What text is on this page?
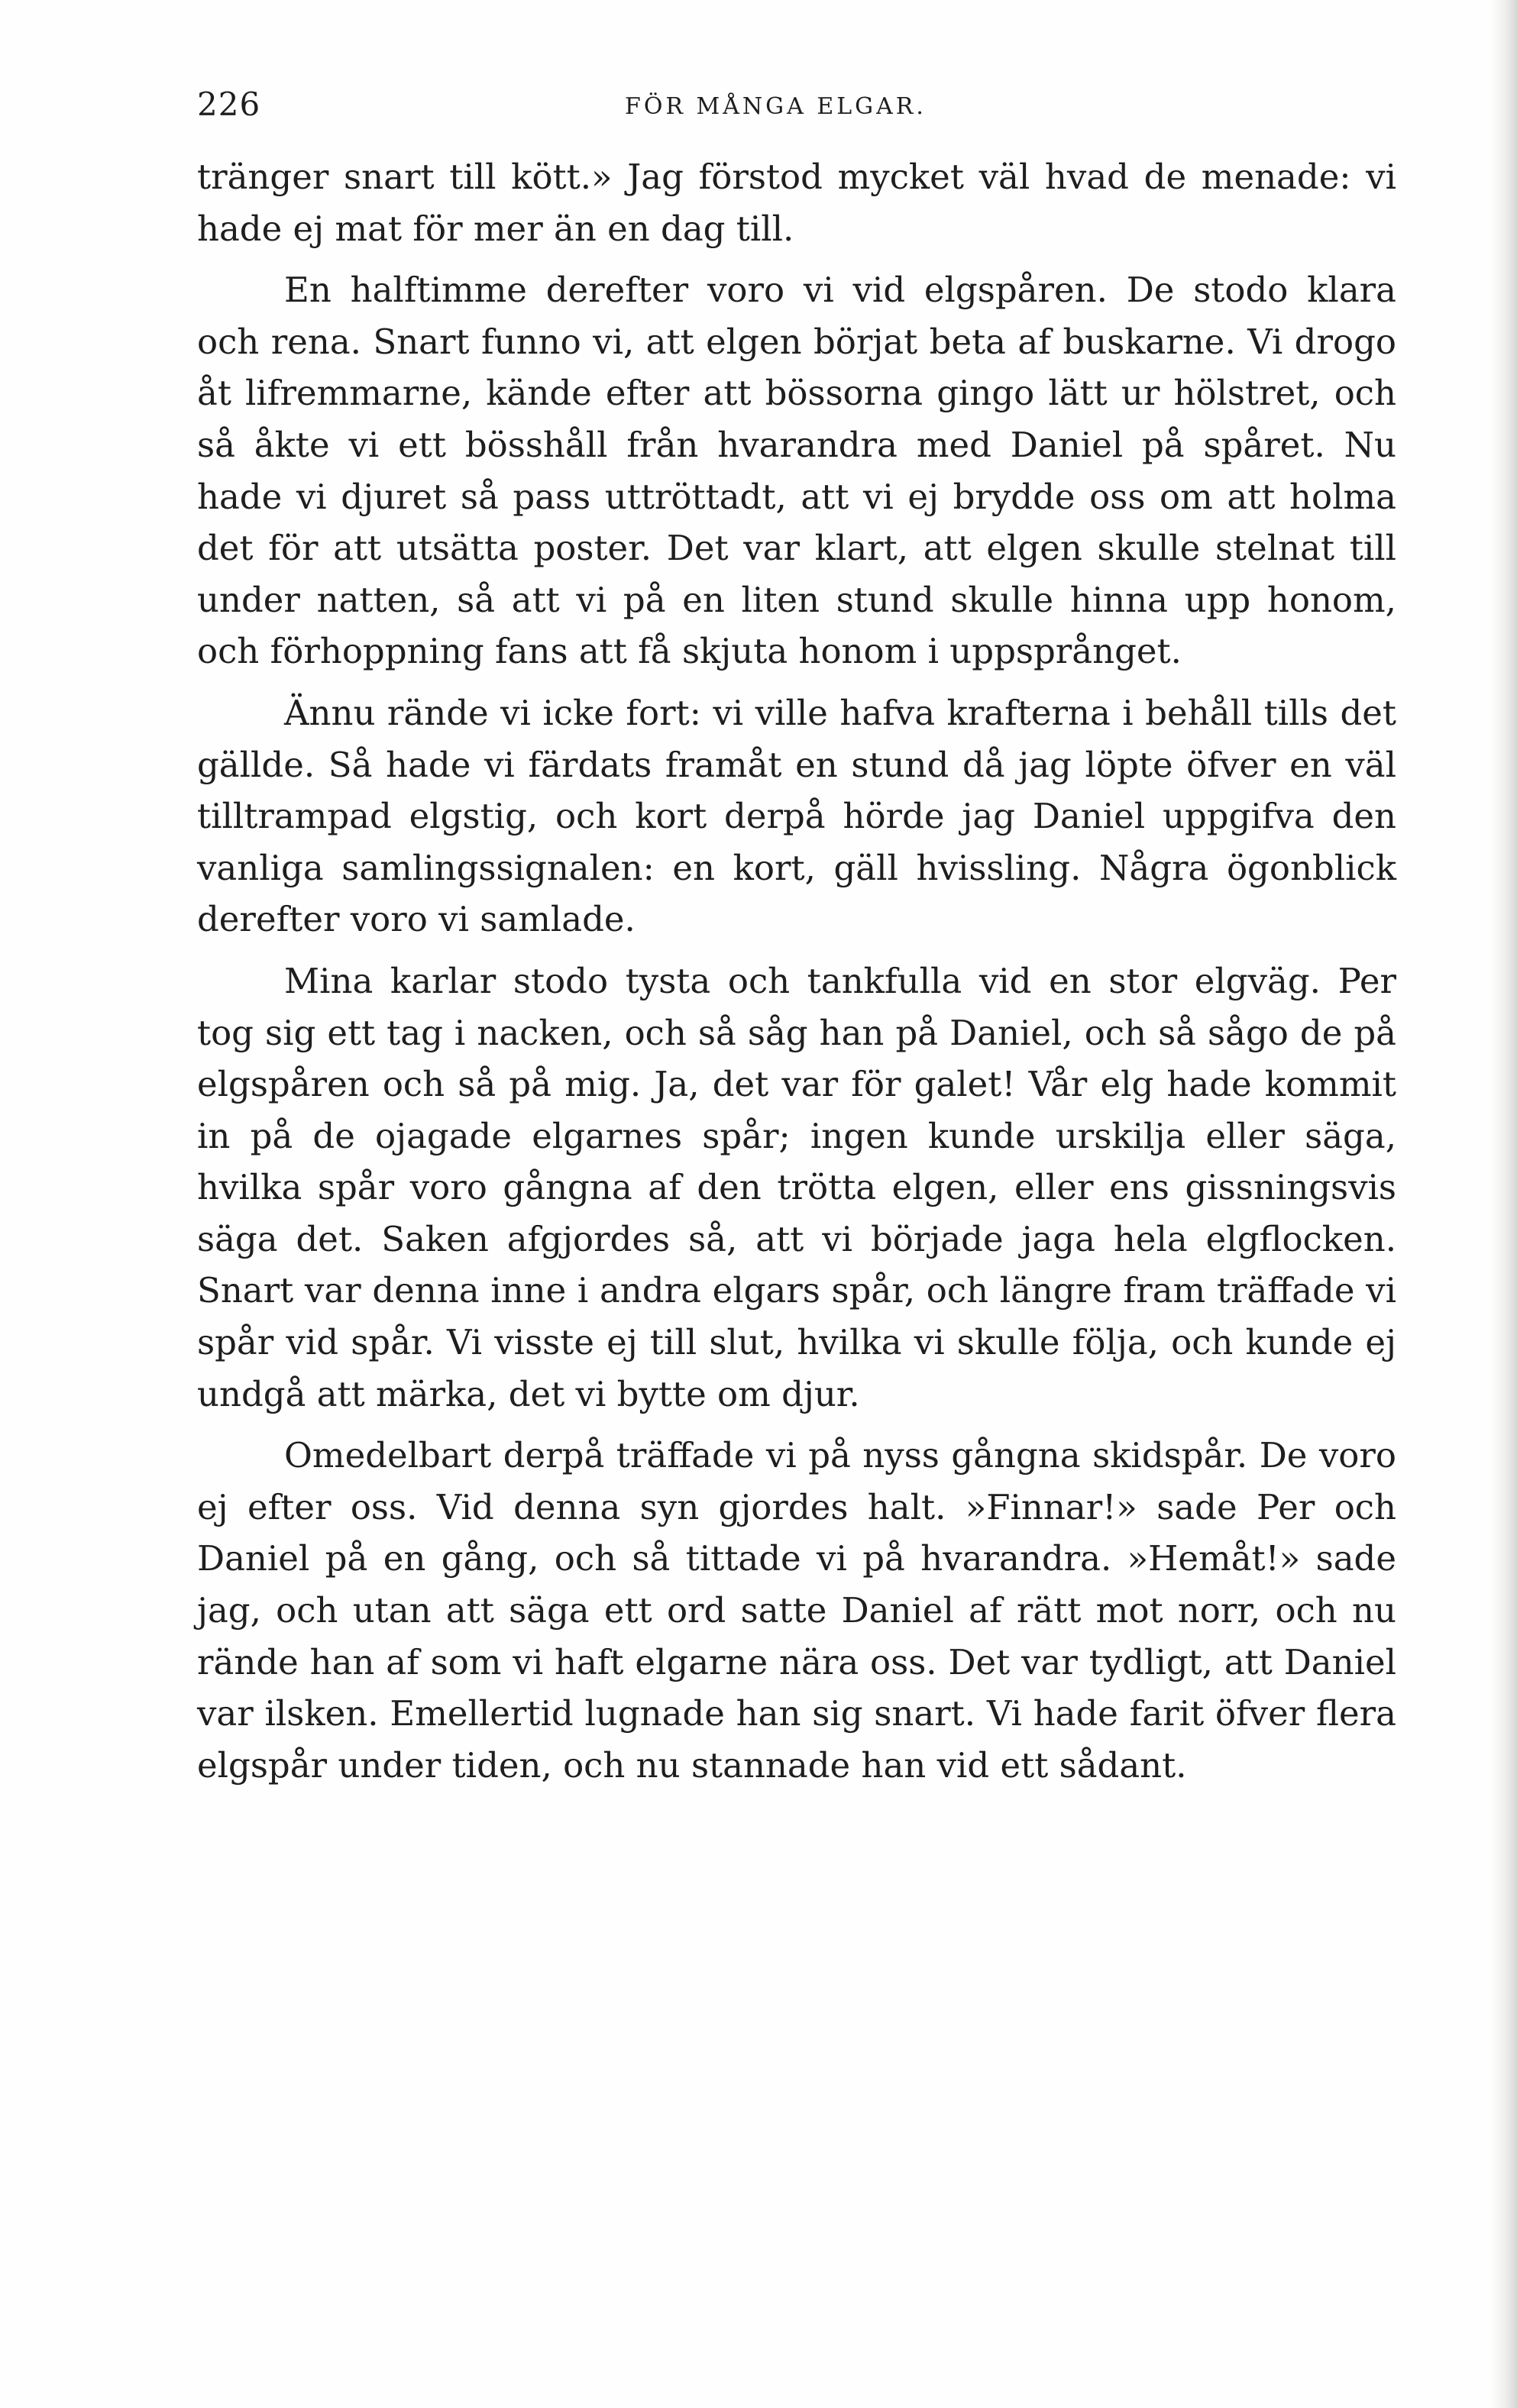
226	FÖR MÅNGA ELGAR.

tränger snart till kött.» Jag förstod mycket väl hvad de menade: vi hade ej mat för mer än en dag till.

En halftimme derefter voro vi vid elgspåren. De stodo klara och rena. Snart funno vi, att elgen börjat beta af buskarne. Vi drogo åt lifremmarne, kände efter att bössorna gingo lätt ur hölstret, och så åkte vi ett bösshåll från hvarandra med Daniel på spåret. Nu hade vi djuret så pass uttröttadt, att vi ej brydde oss om att holma det för att utsätta poster. Det var klart, att elgen skulle stelnat till under natten, så att vi på en liten stund skulle hinna upp honom, och förhoppning fans att få skjuta honom i uppsprånget.

Ännu rände vi icke fort: vi ville hafva krafterna i behåll tills det gällde. Så hade vi färdats framåt en stund då jag löpte öfver en väl tilltrampad elgstig, och kort derpå hörde jag Daniel uppgifva den vanliga samlingssignalen: en kort, gäll hvissling. Några ögonblick derefter voro vi samlade.

Mina karlar stodo tysta och tankfulla vid en stor elgväg. Per tog sig ett tag i nacken, och så såg han på Daniel, och så sågo de på elgspåren och så på mig. Ja, det var för galet! Vår elg hade kommit in på de ojagade elgarnes spår; ingen kunde urskilja eller säga, hvilka spår voro gångna af den trötta elgen, eller ens gissningsvis säga det. Saken afgjordes så, att vi började jaga hela elgflocken. Snart var denna inne i andra elgars spår, och längre fram träffade vi spår vid spår. Vi visste ej till slut, hvilka vi skulle följa, och kunde ej undgå att märka, det vi bytte om djur.

Omedelbart derpå träffade vi på nyss gångna skidspår. De voro ej efter oss. Vid denna syn gjordes halt. »Finnar!» sade Per och Daniel på en gång, och så tittade vi på hvarandra. »Hemåt!» sade jag, och utan att säga ett ord satte Daniel af rätt mot norr, och nu rände han af som vi haft elgarne nära oss. Det var tydligt, att Daniel var ilsken. Emellertid lugnade han sig snart. Vi hade farit öfver flera elgspår under tiden, och nu stannade han vid ett sådant.
